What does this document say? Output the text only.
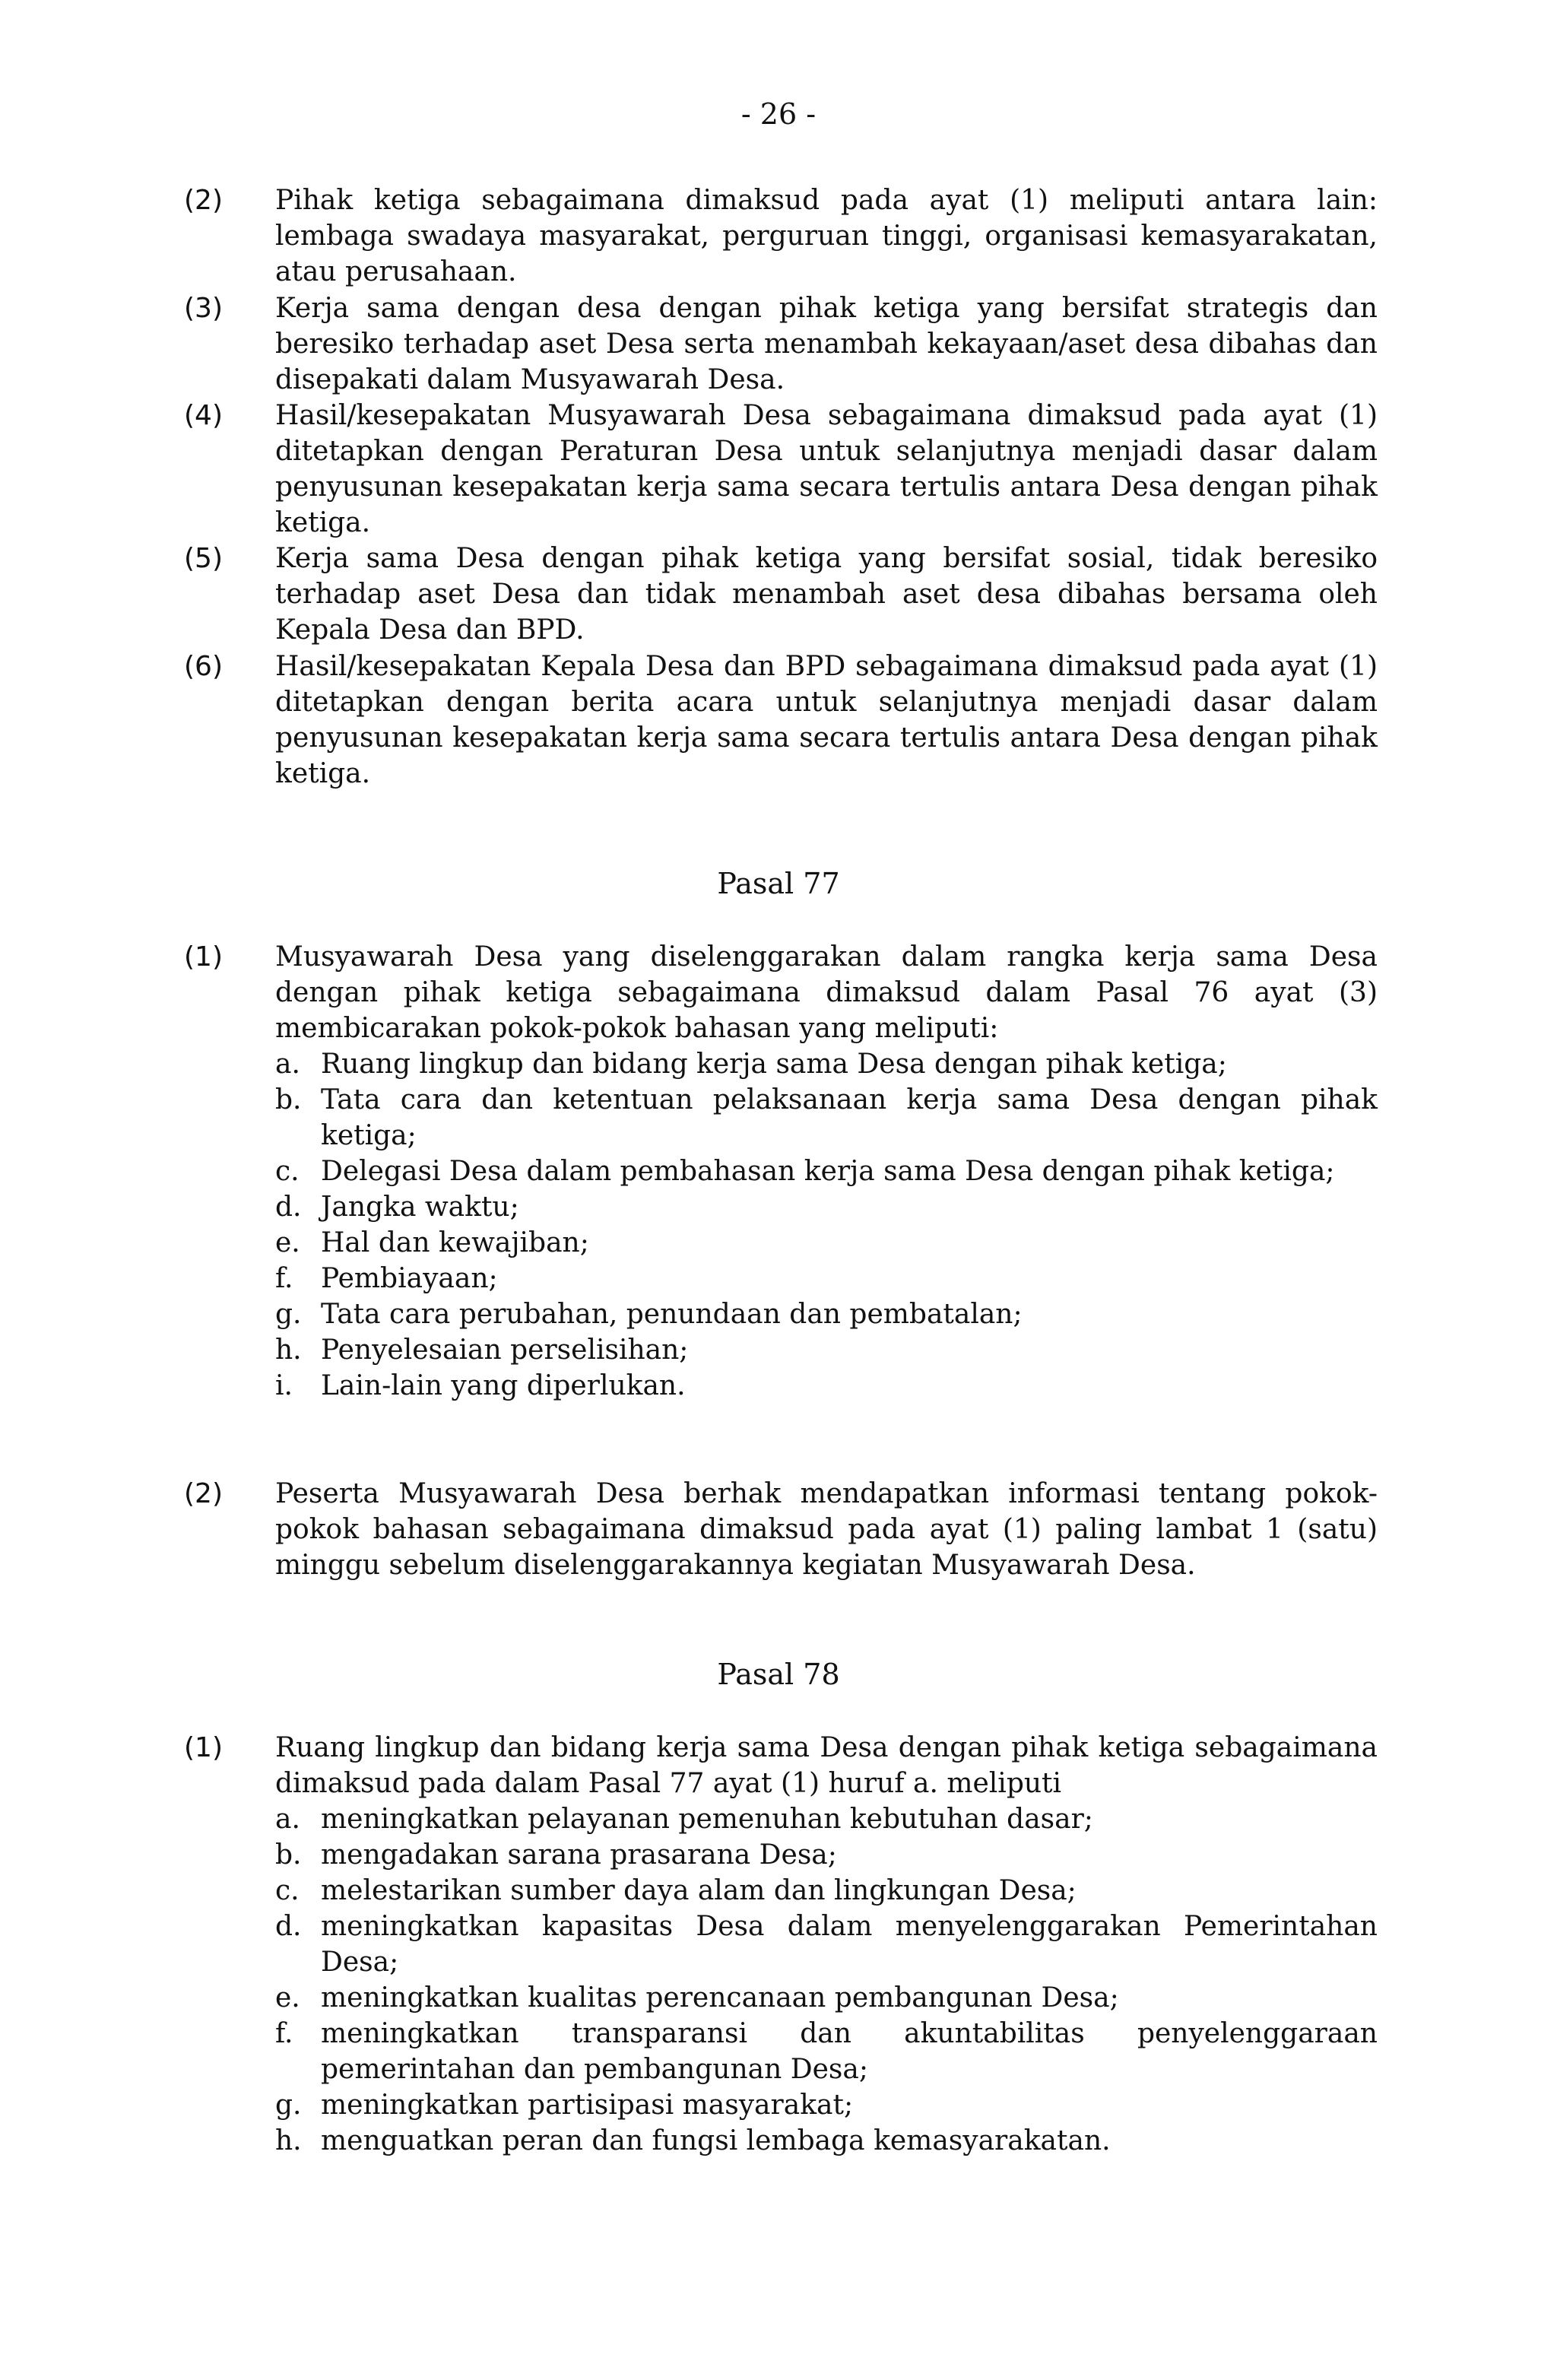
- 26 -
(2) Pihak ketiga sebagaimana dimaksud pada ayat (1) meliputi antara lain: lembaga swadaya masyarakat, perguruan tinggi, organisasi kemasyarakatan, atau perusahaan.
(3) Kerja sama dengan desa dengan pihak ketiga yang bersifat strategis dan beresiko terhadap aset Desa serta menambah kekayaan/aset desa dibahas dan disepakati dalam Musyawarah Desa.
(4) Hasil/kesepakatan Musyawarah Desa sebagaimana dimaksud pada ayat (1) ditetapkan dengan Peraturan Desa untuk selanjutnya menjadi dasar dalam penyusunan kesepakatan kerja sama secara tertulis antara Desa dengan pihak ketiga.
(5) Kerja sama Desa dengan pihak ketiga yang bersifat sosial, tidak beresiko terhadap aset Desa dan tidak menambah aset desa dibahas bersama oleh Kepala Desa dan BPD.
(6) Hasil/kesepakatan Kepala Desa dan BPD sebagaimana dimaksud pada ayat (1) ditetapkan dengan berita acara untuk selanjutnya menjadi dasar dalam penyusunan kesepakatan kerja sama secara tertulis antara Desa dengan pihak ketiga.
Pasal 77
(1) Musyawarah Desa yang diselenggarakan dalam rangka kerja sama Desa dengan pihak ketiga sebagaimana dimaksud dalam Pasal 76 ayat (3) membicarakan pokok-pokok bahasan yang meliputi:
a. Ruang lingkup dan bidang kerja sama Desa dengan pihak ketiga;
b. Tata cara dan ketentuan pelaksanaan kerja sama Desa dengan pihak ketiga;
c. Delegasi Desa dalam pembahasan kerja sama Desa dengan pihak ketiga;
d. Jangka waktu;
e. Hal dan kewajiban;
f. Pembiayaan;
g. Tata cara perubahan, penundaan dan pembatalan;
h. Penyelesaian perselisihan;
i. Lain-lain yang diperlukan.
(2) Peserta Musyawarah Desa berhak mendapatkan informasi tentang pokok-pokok bahasan sebagaimana dimaksud pada ayat (1) paling lambat 1 (satu) minggu sebelum diselenggarakannya kegiatan Musyawarah Desa.
Pasal 78
(1) Ruang lingkup dan bidang kerja sama Desa dengan pihak ketiga sebagaimana dimaksud pada dalam Pasal 77 ayat (1) huruf a. meliputi
a. meningkatkan pelayanan pemenuhan kebutuhan dasar;
b. mengadakan sarana prasarana Desa;
c. melestarikan sumber daya alam dan lingkungan Desa;
d. meningkatkan kapasitas Desa dalam menyelenggarakan Pemerintahan Desa;
e. meningkatkan kualitas perencanaan pembangunan Desa;
f. meningkatkan transparansi dan akuntabilitas penyelenggaraan pemerintahan dan pembangunan Desa;
g. meningkatkan partisipasi masyarakat;
h. menguatkan peran dan fungsi lembaga kemasyarakatan.
